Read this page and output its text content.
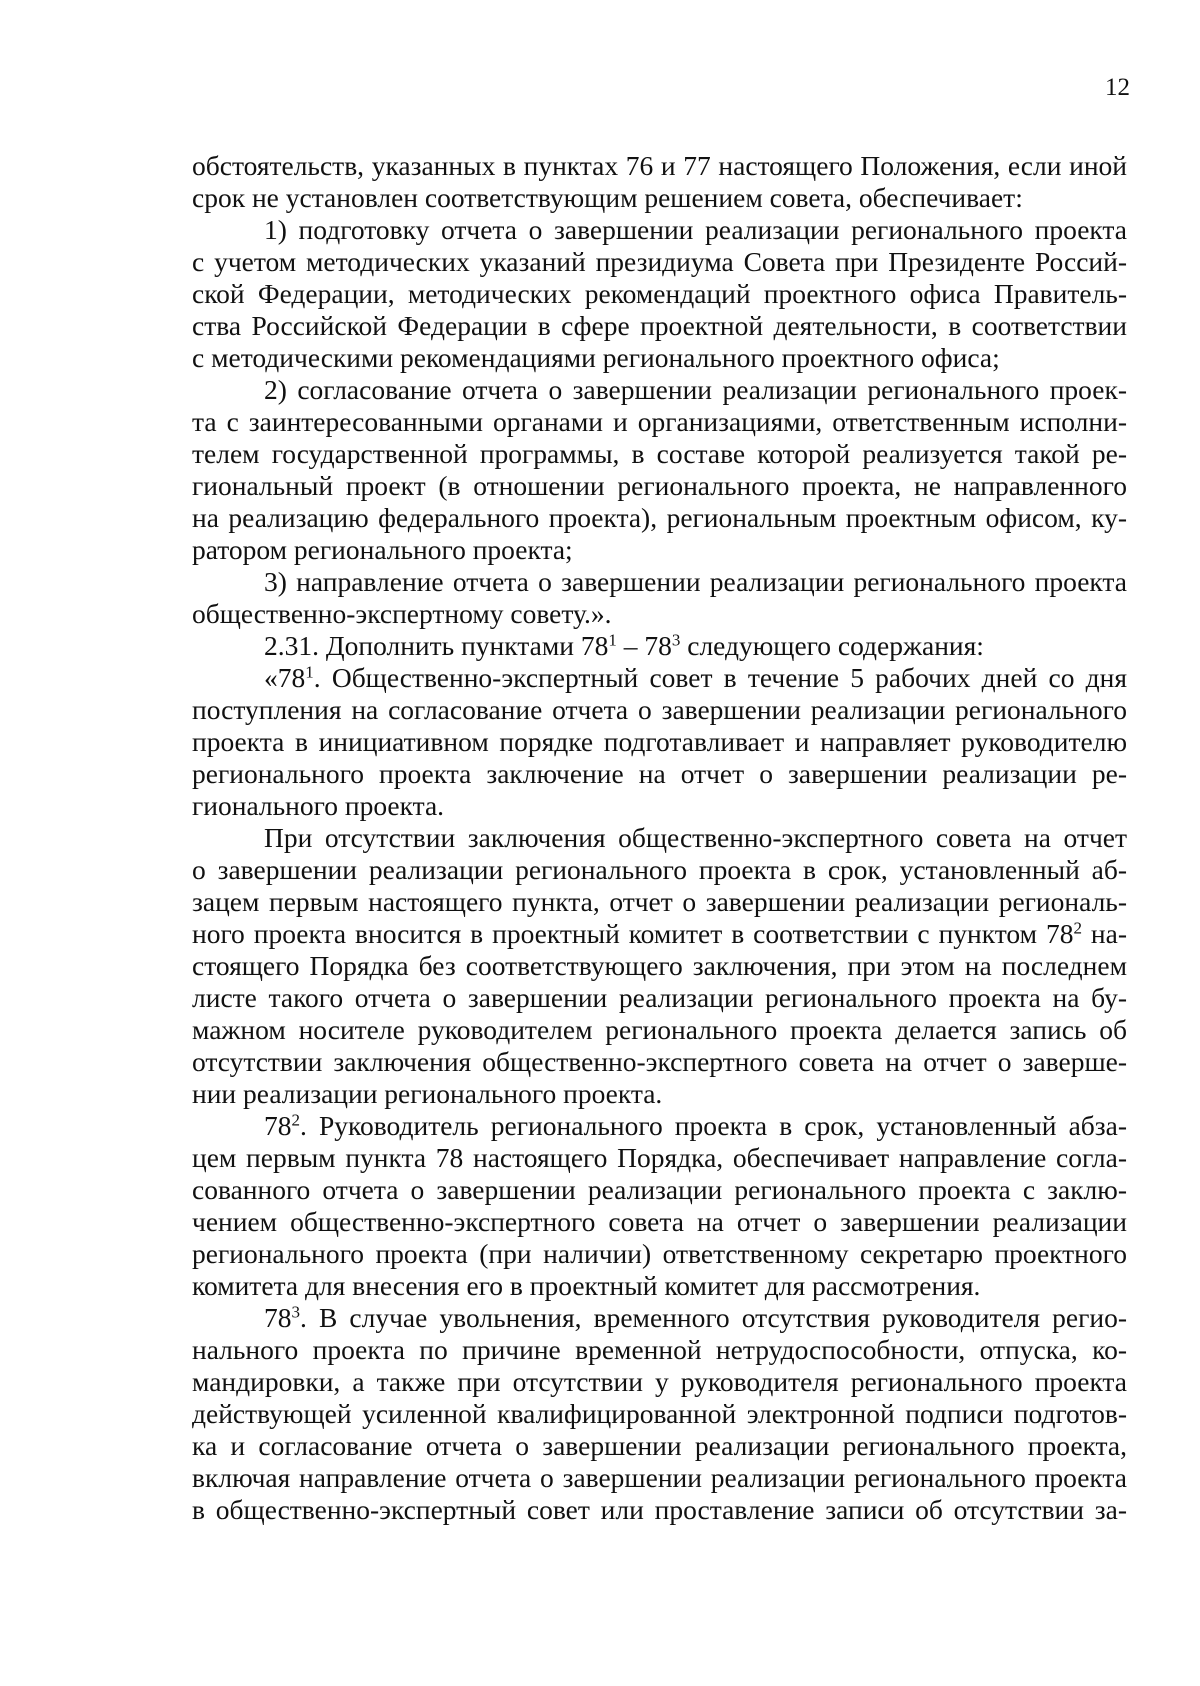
12
обстоятельств, указанных в пунктах 76 и 77 настоящего Положения, если иной
срок не установлен соответствующим решением совета, обеспечивает:
1) подготовку отчета о завершении реализации регионального проекта
с учетом методических указаний президиума Совета при Президенте Россий-
ской Федерации, методических рекомендаций проектного офиса Правитель-
ства Российской Федерации в сфере проектной деятельности, в соответствии
с методическими рекомендациями регионального проектного офиса;
2) согласование отчета о завершении реализации регионального проек-
та с заинтересованными органами и организациями, ответственным исполни-
телем государственной программы, в составе которой реализуется такой ре-
гиональный проект (в отношении регионального проекта, не направленного
на реализацию федерального проекта), региональным проектным офисом, ку-
ратором регионального проекта;
3) направление отчета о завершении реализации регионального проекта
общественно-экспертному совету.».
2.31. Дополнить пунктами $78^1 - 78^3$ следующего содержания:
«$78^1$. Общественно-экспертный совет в течение 5 рабочих дней со дня
поступления на согласование отчета о завершении реализации регионального
проекта в инициативном порядке подготавливает и направляет руководителю
регионального проекта заключение на отчет о завершении реализации ре-
гионального проекта.
При отсутствии заключения общественно-экспертного совета на отчет
о завершении реализации регионального проекта в срок, установленный аб-
зацем первым настоящего пункта, отчет о завершении реализации региональ-
ного проекта вносится в проектный комитет в соответствии с пунктом $78^2$ на-
стоящего Порядка без соответствующего заключения, при этом на последнем
листе такого отчета о завершении реализации регионального проекта на бу-
мажном носителе руководителем регионального проекта делается запись об
отсутствии заключения общественно-экспертного совета на отчет о заверше-
нии реализации регионального проекта.
$78^2$. Руководитель регионального проекта в срок, установленный абза-
цем первым пункта 78 настоящего Порядка, обеспечивает направление согла-
сованного отчета о завершении реализации регионального проекта с заклю-
чением общественно-экспертного совета на отчет о завершении реализации
регионального проекта (при наличии) ответственному секретарю проектного
комитета для внесения его в проектный комитет для рассмотрения.
$78^3$. В случае увольнения, временного отсутствия руководителя регио-
нального проекта по причине временной нетрудоспособности, отпуска, ко-
мандировки, а также при отсутствии у руководителя регионального проекта
действующей усиленной квалифицированной электронной подписи подготов-
ка и согласование отчета о завершении реализации регионального проекта,
включая направление отчета о завершении реализации регионального проекта
в общественно-экспертный совет или проставление записи об отсутствии за-
